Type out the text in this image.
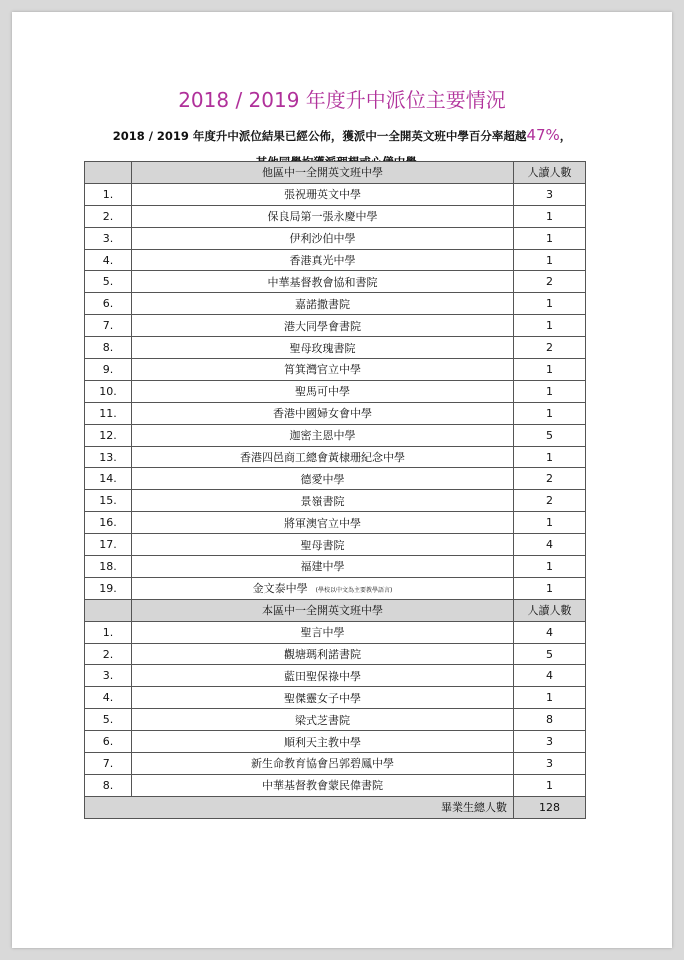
2018 / 2019 年度升中派位主要情況
2018 / 2019 年度升中派位結果已經公佈，獲派中一全開英文班中學百分率超越47%，
	他區中一全開英文班中學	人讀人數
1.	張祝珊英文中學	3
2.	保良局第一張永慶中學	1
3.	伊利沙伯中學	1
4.	香港真光中學	1
5.	中華基督教會協和書院	2
6.	嘉諾撒書院	1
7.	港大同學會書院	1
8.	聖母玫瑰書院	2
9.	筲箕灣官立中學	1
10.	聖馬可中學	1
11.	香港中國婦女會中學	1
12.	迦密主恩中學	5
13.	香港四邑商工總會黃棣珊紀念中學	1
14.	德愛中學	2
15.	景嶺書院	2
16.	將軍澳官立中學	1
17.	聖母書院	4
18.	福建中學	1
19.	金文泰中學 (學校以中文為主要教學語言)	1
	本區中一全開英文班中學	人讀人數
1.	聖言中學	4
2.	觀塘瑪利諾書院	5
3.	藍田聖保祿中學	4
4.	聖傑靈女子中學	1
5.	梁式芝書院	8
6.	順利天主教中學	3
7.	新生命教育協會呂郭碧鳳中學	3
8.	中華基督教會蒙民偉書院	1
畢業生總人數		128
